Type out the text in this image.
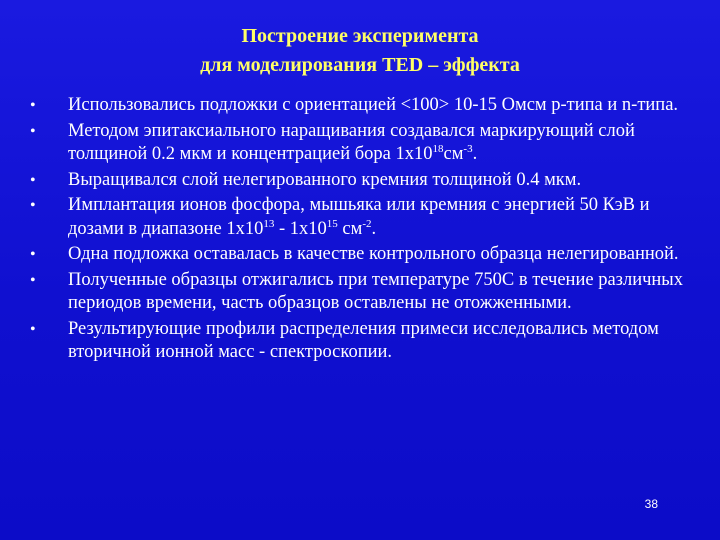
Построение эксперимента
для моделирования TED – эффекта
• Использовались подложки с ориентацией <100> 10-15 Омсм р-типа и n-типа.
• Методом эпитаксиального наращивания создавался маркирующий слой толщиной 0.2 мкм и концентрацией бора $1х10^{18}см^{-3}$.
• Выращивался слой нелегированного кремния толщиной 0.4 мкм.
• Имплантация ионов фосфора, мышьяка или кремния с энергией 50 КэВ и дозами в диапазоне $1х10^{13} - 1х10^{15}$ $см^{-2}$.
• Одна подложка оставалась в качестве контрольного образца нелегированной.
• Полученные образцы отжигались при температуре 750С в течение различных периодов времени, часть образцов оставлены не отожженными.
• Результирующие профили распределения примеси исследовались методом вторичной ионной масс - спектроскопии.
38
